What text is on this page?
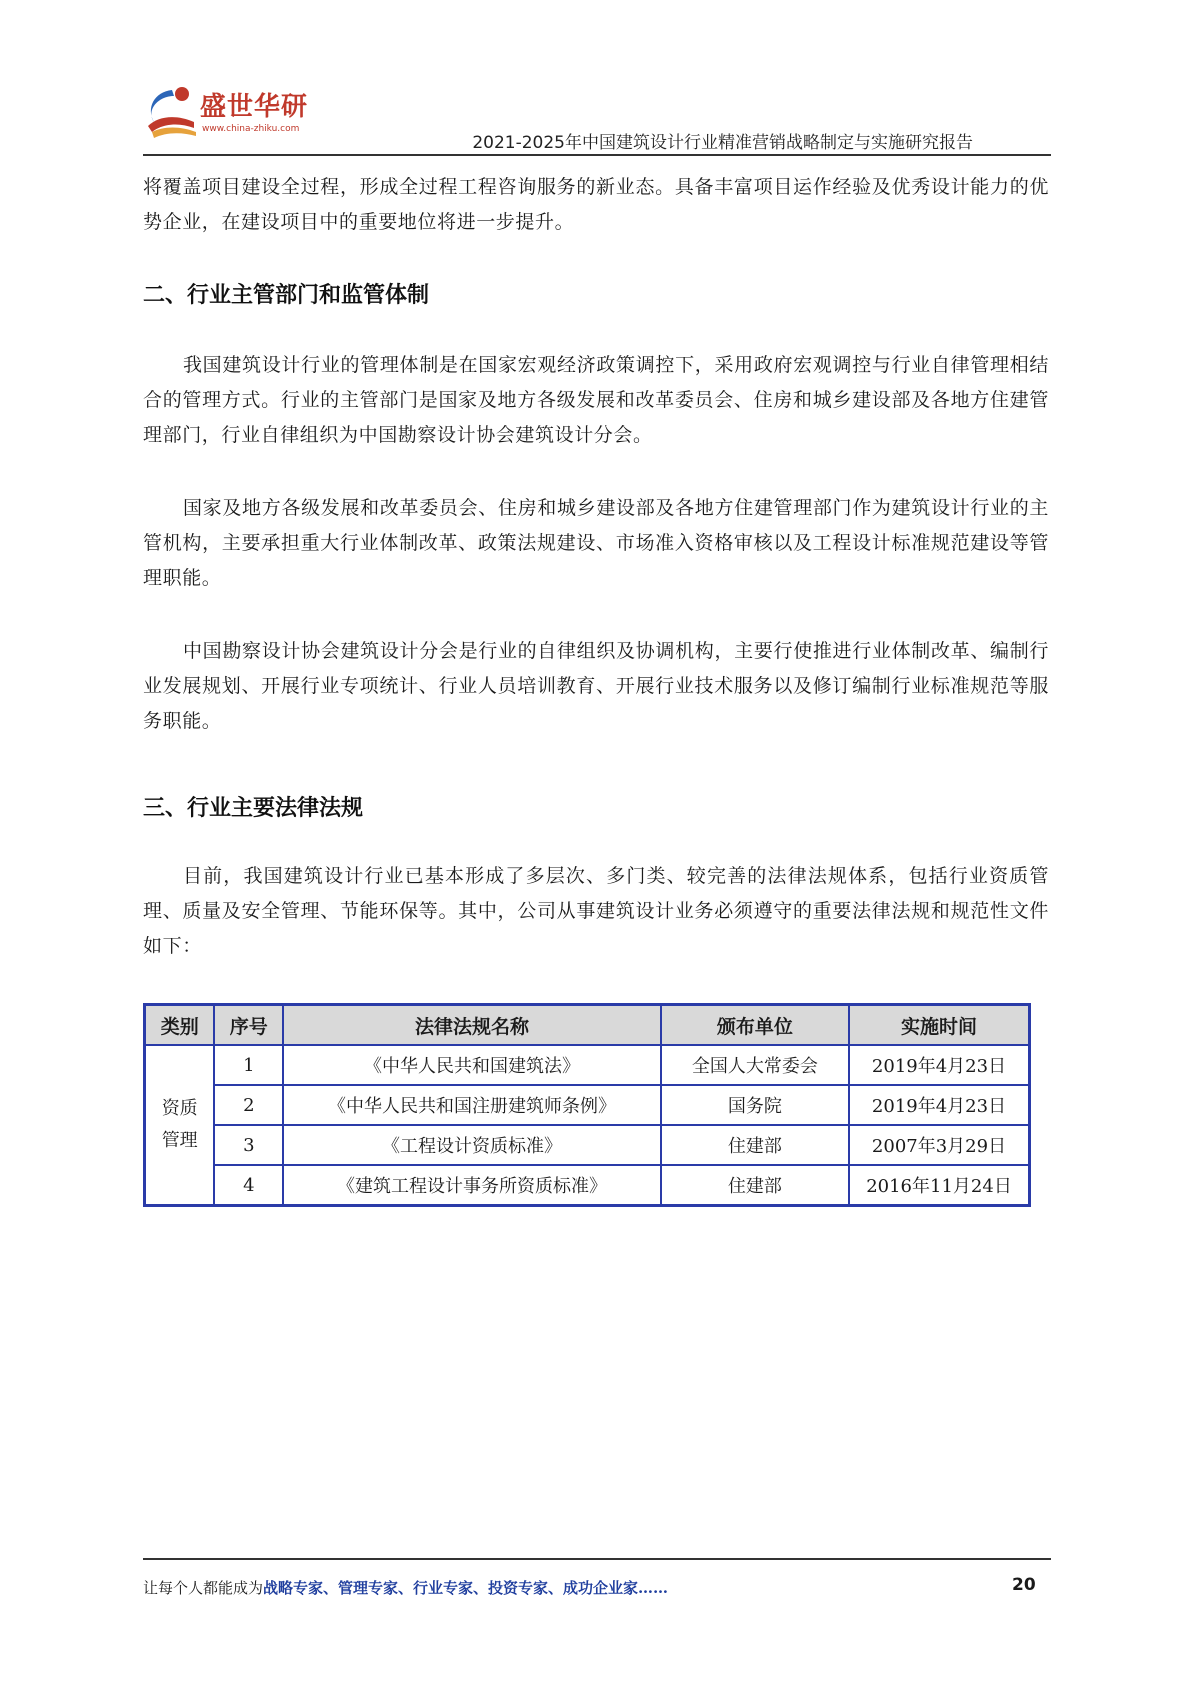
盛世华研
www.china-zhiku.com
2021-2025年中国建筑设计行业精准营销战略制定与实施研究报告
将覆盖项目建设全过程，形成全过程工程咨询服务的新业态。具备丰富项目运作经验及优秀设计能力的优势企业，在建设项目中的重要地位将进一步提升。
二、行业主管部门和监管体制
我国建筑设计行业的管理体制是在国家宏观经济政策调控下，采用政府宏观调控与行业自律管理相结合的管理方式。行业的主管部门是国家及地方各级发展和改革委员会、住房和城乡建设部及各地方住建管理部门，行业自律组织为中国勘察设计协会建筑设计分会。
国家及地方各级发展和改革委员会、住房和城乡建设部及各地方住建管理部门作为建筑设计行业的主管机构，主要承担重大行业体制改革、政策法规建设、市场准入资格审核以及工程设计标准规范建设等管理职能。
中国勘察设计协会建筑设计分会是行业的自律组织及协调机构，主要行使推进行业体制改革、编制行业发展规划、开展行业专项统计、行业人员培训教育、开展行业技术服务以及修订编制行业标准规范等服务职能。
三、行业主要法律法规
目前，我国建筑设计行业已基本形成了多层次、多门类、较完善的法律法规体系，包括行业资质管理、质量及安全管理、节能环保等。其中，公司从事建筑设计业务必须遵守的重要法律法规和规范性文件如下：
类别	序号	法律法规名称	颁布单位	实施时间
资质管理	1	《中华人民共和国建筑法》	全国人大常委会	2019年4月23日
	2	《中华人民共和国注册建筑师条例》	国务院	2019年4月23日
	3	《工程设计资质标准》	住建部	2007年3月29日
	4	《建筑工程设计事务所资质标准》	住建部	2016年11月24日
让每个人都能成为战略专家、管理专家、行业专家、投资专家、成功企业家……	20
